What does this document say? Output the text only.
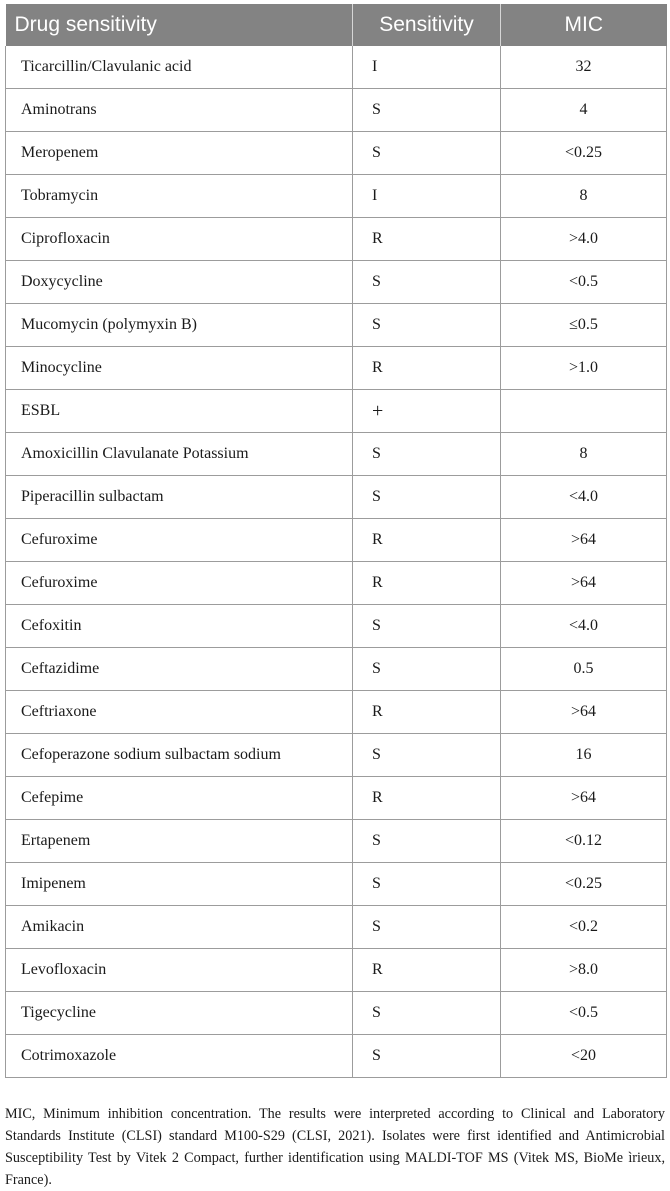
Drug sensitivity	Sensitivity	MIC
Ticarcillin/Clavulanic acid	I	32
Aminotrans	S	4
Meropenem	S	<0.25
Tobramycin	I	8
Ciprofloxacin	R	>4.0
Doxycycline	S	<0.5
Mucomycin (polymyxin B)	S	≤0.5
Minocycline	R	>1.0
ESBL	+	
Amoxicillin Clavulanate Potassium	S	8
Piperacillin sulbactam	S	<4.0
Cefuroxime	R	>64
Cefuroxime	R	>64
Cefoxitin	S	<4.0
Ceftazidime	S	0.5
Ceftriaxone	R	>64
Cefoperazone sodium sulbactam sodium	S	16
Cefepime	R	>64
Ertapenem	S	<0.12
Imipenem	S	<0.25
Amikacin	S	<0.2
Levofloxacin	R	>8.0
Tigecycline	S	<0.5
Cotrimoxazole	S	<20

MIC, Minimum inhibition concentration. The results were interpreted according to Clinical and Laboratory Standards Institute (CLSI) standard M100-S29 (CLSI, 2021). Isolates were first identified and Antimicrobial Susceptibility Test by Vitek 2 Compact, further identification using MALDI-TOF MS (Vitek MS, BioMe ìrieux, France).
